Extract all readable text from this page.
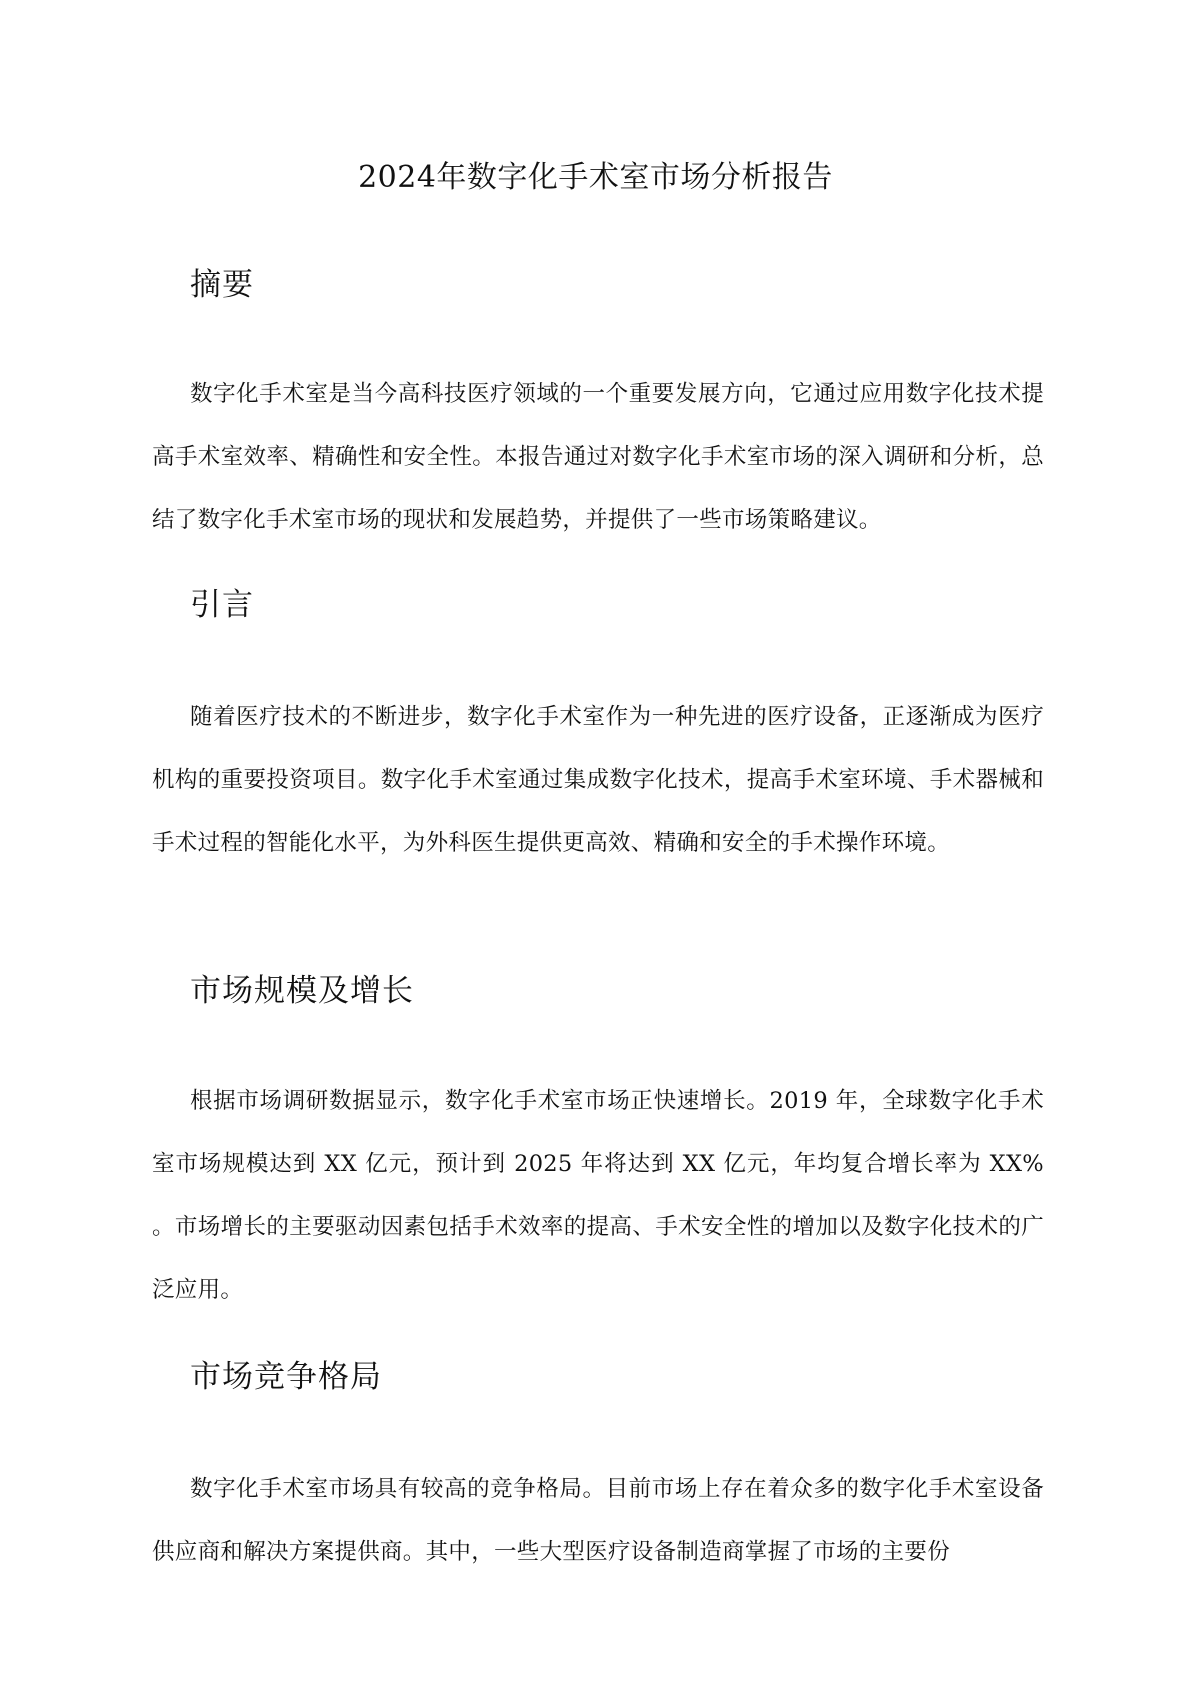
2024年数字化手术室市场分析报告
摘要

数字化手术室是当今高科技医疗领域的一个重要发展方向，它通过应用数字化技术提高手术室效率、精确性和安全性。本报告通过对数字化手术室市场的深入调研和分析，总结了数字化手术室市场的现状和发展趋势，并提供了一些市场策略建议。

引言

随着医疗技术的不断进步，数字化手术室作为一种先进的医疗设备，正逐渐成为医疗机构的重要投资项目。数字化手术室通过集成数字化技术，提高手术室环境、手术器械和手术过程的智能化水平，为外科医生提供更高效、精确和安全的手术操作环境。

市场规模及增长

根据市场调研数据显示，数字化手术室市场正快速增长。2019 年，全球数字化手术室市场规模达到 XX 亿元，预计到 2025 年将达到 XX 亿元，年均复合增长率为 XX% 。市场增长的主要驱动因素包括手术效率的提高、手术安全性的增加以及数字化技术的广泛应用。

市场竞争格局

数字化手术室市场具有较高的竞争格局。目前市场上存在着众多的数字化手术室设备供应商和解决方案提供商。其中，一些大型医疗设备制造商掌握了市场的主要份
